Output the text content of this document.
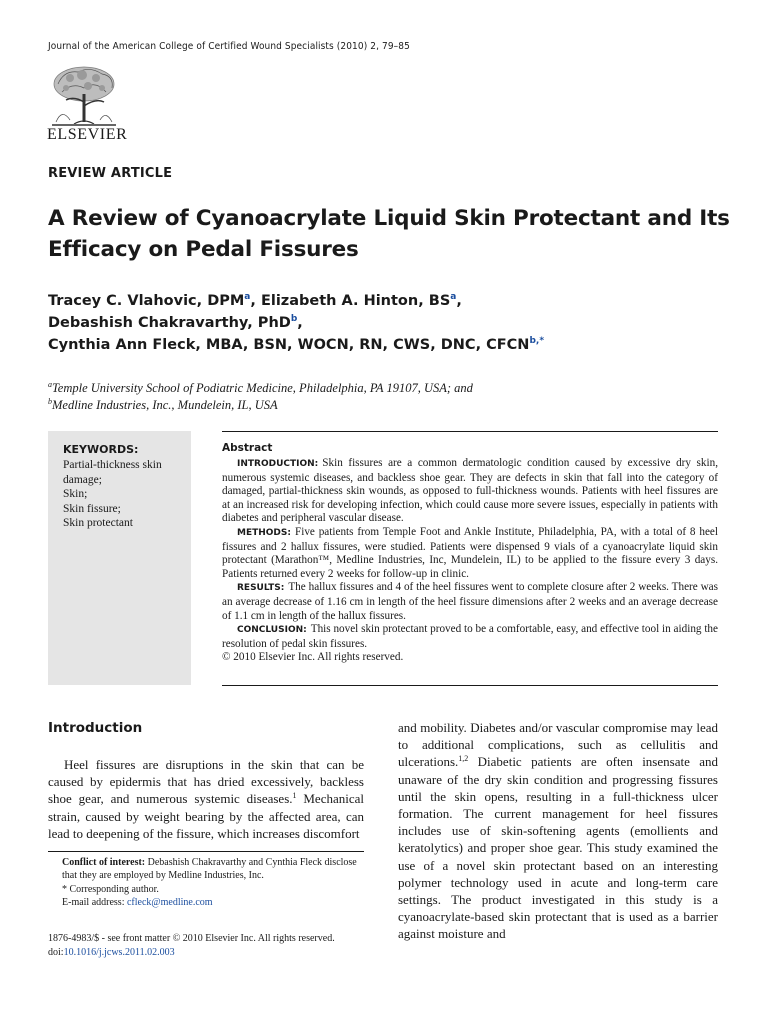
Journal of the American College of Certified Wound Specialists (2010) 2, 79–85
ELSEVIER
REVIEW ARTICLE
A Review of Cyanoacrylate Liquid Skin Protectant and Its Efficacy on Pedal Fissures
Tracey C. Vlahovic, DPM$^a$, Elizabeth A. Hinton, $BS^a$,
Debashish Chakravarthy, PhD$^b$,
Cynthia Ann Fleck, MBA, BSN, WOCN, RN, CWS, DNC, $CFCN^{b,*}$
$^a$Temple University School of Podiatric Medicine, Philadelphia, PA 19107, USA; and
$^b$Medline Industries, Inc., Mundelein, IL, USA
KEYWORDS:
Partial-thickness skin damage;
Skin;
Skin fissure;
Skin protectant
Abstract

INTRODUCTION: Skin fissures are a common dermatologic condition caused by excessive dry skin, numerous systemic diseases, and backless shoe gear. They are defects in skin that fall into the category of damaged, partial-thickness skin wounds, as opposed to full-thickness wounds. Patients with heel fissures are at an increased risk for developing infection, which could cause more severe issues, especially in patients with diabetes and peripheral vascular disease.

METHODS: Five patients from Temple Foot and Ankle Institute, Philadelphia, PA, with a total of 8 heel fissures and 2 hallux fissures, were studied. Patients were dispensed 9 vials of a cyanoacrylate liquid skin protectant (Marathon™, Medline Industries, Inc, Mundelein, IL) to be applied to the fissure every 3 days. Patients returned every 2 weeks for follow-up in clinic.

RESULTS: The hallux fissures and 4 of the heel fissures went to complete closure after 2 weeks. There was an average decrease of 1.16 cm in length of the heel fissure dimensions after 2 weeks and an average decrease of 1.1 cm in length of the hallux fissures.

CONCLUSION: This novel skin protectant proved to be a comfortable, easy, and effective tool in aiding the resolution of pedal skin fissures.

© 2010 Elsevier Inc. All rights reserved.

Introduction

Heel fissures are disruptions in the skin that can be caused by epidermis that has dried excessively, backless shoe gear, and numerous systemic diseases.$^1$ Mechanical strain, caused by weight bearing by the affected area, can lead to deepening of the fissure, which increases discomfort

Conflict of interest: Debashish Chakravarthy and Cynthia Fleck disclose that they are employed by Medline Industries, Inc.

* Corresponding author.

E-mail address: cfleck@medline.com

1876-4983/$ - see front matter © 2010 Elsevier Inc. All rights reserved.

doi:10.1016/j.jcws.2011.02.003

and mobility. Diabetes and/or vascular compromise may lead to additional complications, such as cellulitis and ulcerations.$^{1,2}$ Diabetic patients are often insensate and unaware of the dry skin condition and progressing fissures until the skin opens, resulting in a full-thickness ulcer formation. The current management for heel fissures includes use of skin-softening agents (emollients and keratolytics) and proper shoe gear. This study examined the use of a novel skin protectant based on an interesting polymer technology used in acute and long-term care settings. The product investigated in this study is a cyanoacrylate-based skin protectant that is used as a barrier against moisture and
